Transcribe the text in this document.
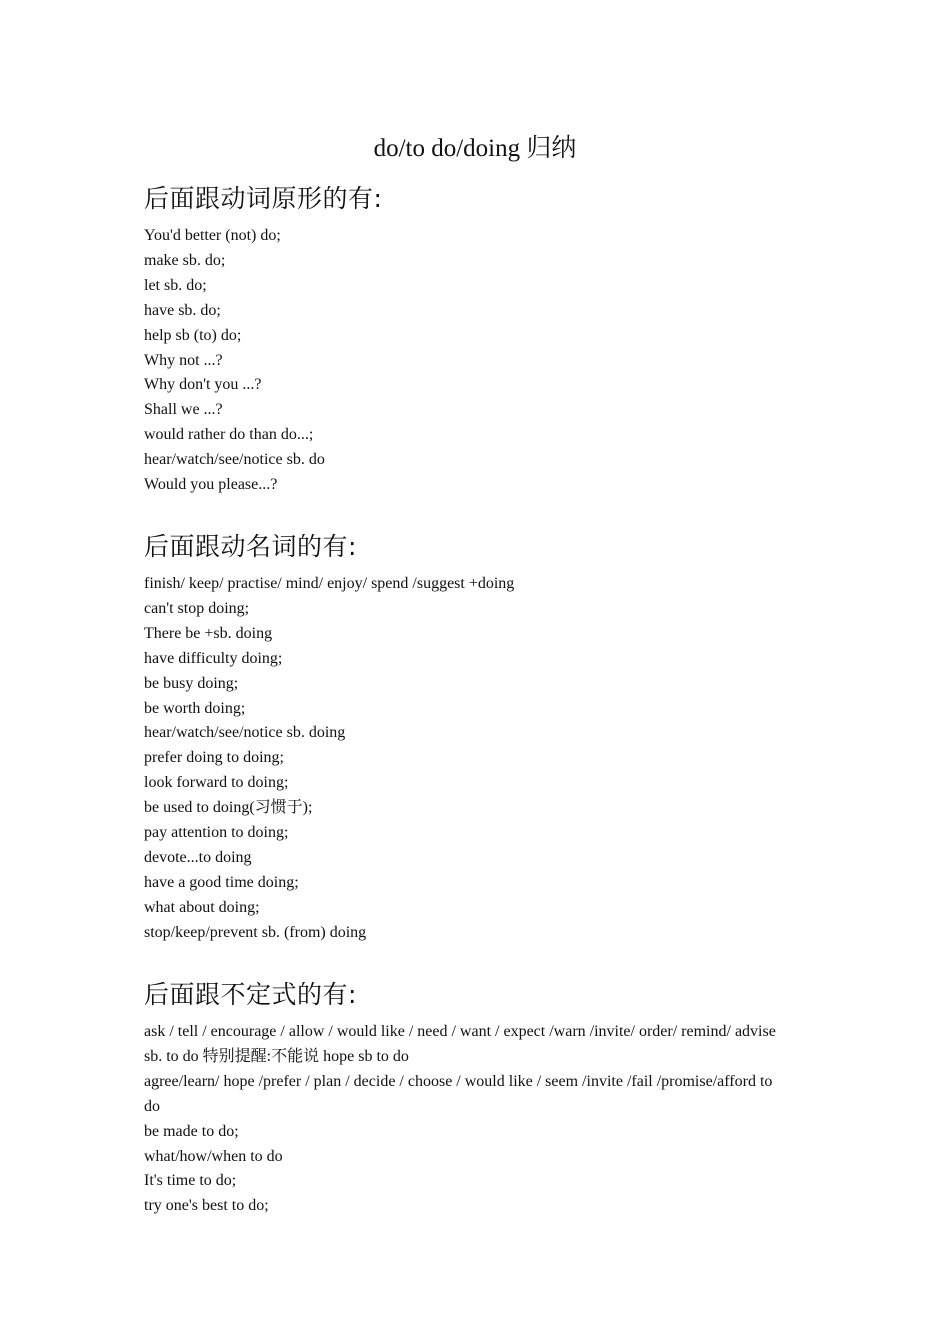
do/to do/doing 归纳
后面跟动词原形的有:
You'd better (not) do;
make sb. do;
let sb. do;
have sb. do;
help sb (to) do;
Why not ...?
Why don't you ...?
Shall we ...?
would rather do than do...;
hear/watch/see/notice sb. do
Would you please...?
后面跟动名词的有:
finish/ keep/ practise/ mind/ enjoy/ spend /suggest +doing
can't stop doing;
There be +sb. doing
have difficulty doing;
be busy doing;
be worth doing;
hear/watch/see/notice sb. doing
prefer doing to doing;
look forward to doing;
be used to doing(习惯于);
pay attention to doing;
devote...to doing
have a good time doing;
what about doing;
stop/keep/prevent sb. (from) doing
后面跟不定式的有:
ask / tell / encourage / allow / would like / need / want / expect /warn /invite/ order/ remind/ advise
sb. to do 特别提醒:不能说 hope sb to do
agree/learn/ hope /prefer / plan / decide / choose / would like / seem /invite /fail /promise/afford to
do
be made to do;
what/how/when to do
It's time to do;
try one's best to do;
